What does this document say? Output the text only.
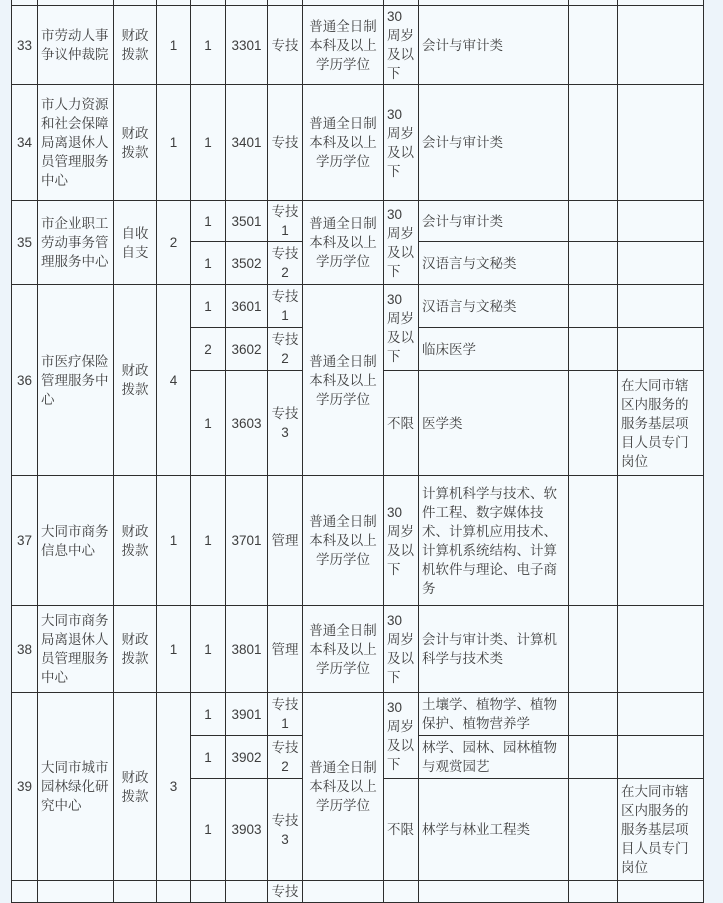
33	市劳动人事争议仲裁院	财政拨款	1	1	3301	专技	普通全日制本科及以上学历学位	30周岁及以下	会计与审计类		
34	市人力资源和社会保障局离退休人员管理服务中心	财政拨款	1	1	3401	专技	普通全日制本科及以上学历学位	30周岁及以下	会计与审计类		
35	市企业职工劳动事务管理服务中心	自收自支	2	1	3501	专技1	普通全日制本科及以上学历学位	30周岁及以下	会计与审计类		
				1	3502	专技2			汉语言与文秘类		
36	市医疗保险管理服务中心	财政拨款	4	1	3601	专技1	普通全日制本科及以上学历学位	30周岁及以下	汉语言与文秘类		
				2	3602	专技2			临床医学		
				1	3603	专技3		不限	医学类		在大同市辖区内服务的服务基层项目人员专门岗位
37	大同市商务信息中心	财政拨款	1	1	3701	管理	普通全日制本科及以上学历学位	30周岁及以下	计算机科学与技术、软件工程、数字媒体技术、计算机应用技术、计算机系统结构、计算机软件与理论、电子商务		
38	大同市商务局离退休人员管理服务中心	财政拨款	1	1	3801	管理	普通全日制本科及以上学历学位	30周岁及以下	会计与审计类、计算机科学与技术类		
39	大同市城市园林绿化研究中心	财政拨款	3	1	3901	专技1	普通全日制本科及以上学历学位	30周岁及以下	土壤学、植物学、植物保护、植物营养学		
				1	3902	专技2			林学、园林、园林植物与观赏园艺		
				1	3903	专技3		不限	林学与林业工程类		在大同市辖区内服务的服务基层项目人员专门岗位
						专技					
